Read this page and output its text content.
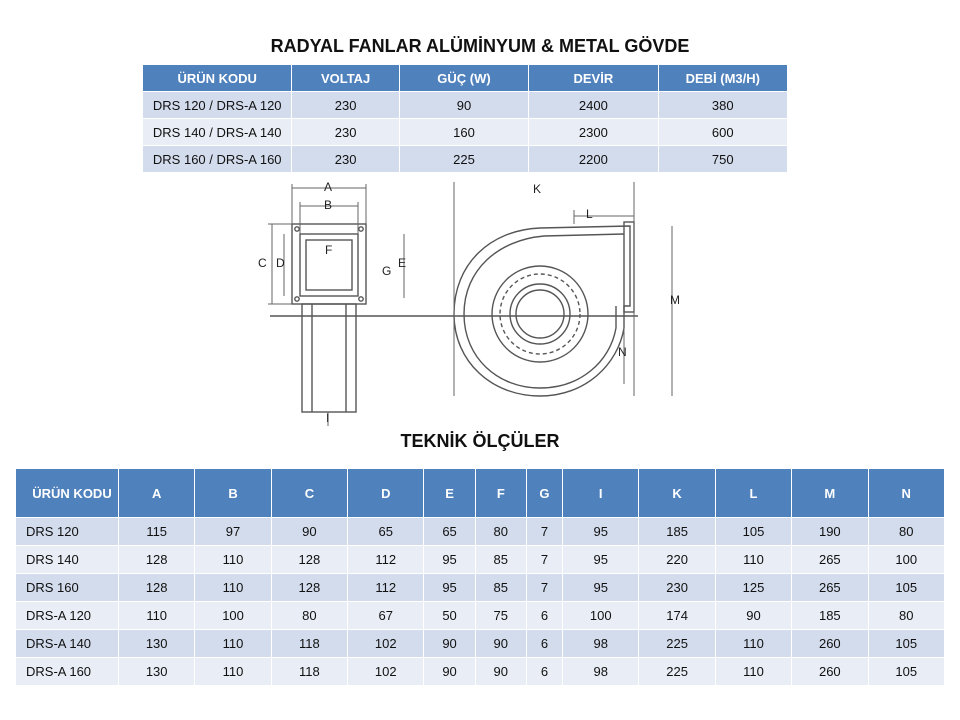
RADYAL FANLAR ALÜMİNYUM & METAL GÖVDE
ÜRÜN KODU	VOLTAJ	GÜÇ (W)	DEVİR	DEBİ (M3/H)
DRS 120 / DRS-A 120	230	90	2400	380
DRS 140 / DRS-A 140	230	160	2300	600
DRS 160 / DRS-A 160	230	225	2200	750
A
B
C D	E
F
G
I
K
L
M
N
TEKNİK ÖLÇÜLER
ÜRÜN KODU	A	B	C	D	E	F	G	I	K	L	M	N
DRS 120	115	97	90	65	65	80	7	95	185	105	190	80
DRS 140	128	110	128	112	95	85	7	95	220	110	265	100
DRS 160	128	110	128	112	95	85	7	95	230	125	265	105
DRS-A 120	110	100	80	67	50	75	6	100	174	90	185	80
DRS-A 140	130	110	118	102	90	90	6	98	225	110	260	105
DRS-A 160	130	110	118	102	90	90	6	98	225	110	260	105
